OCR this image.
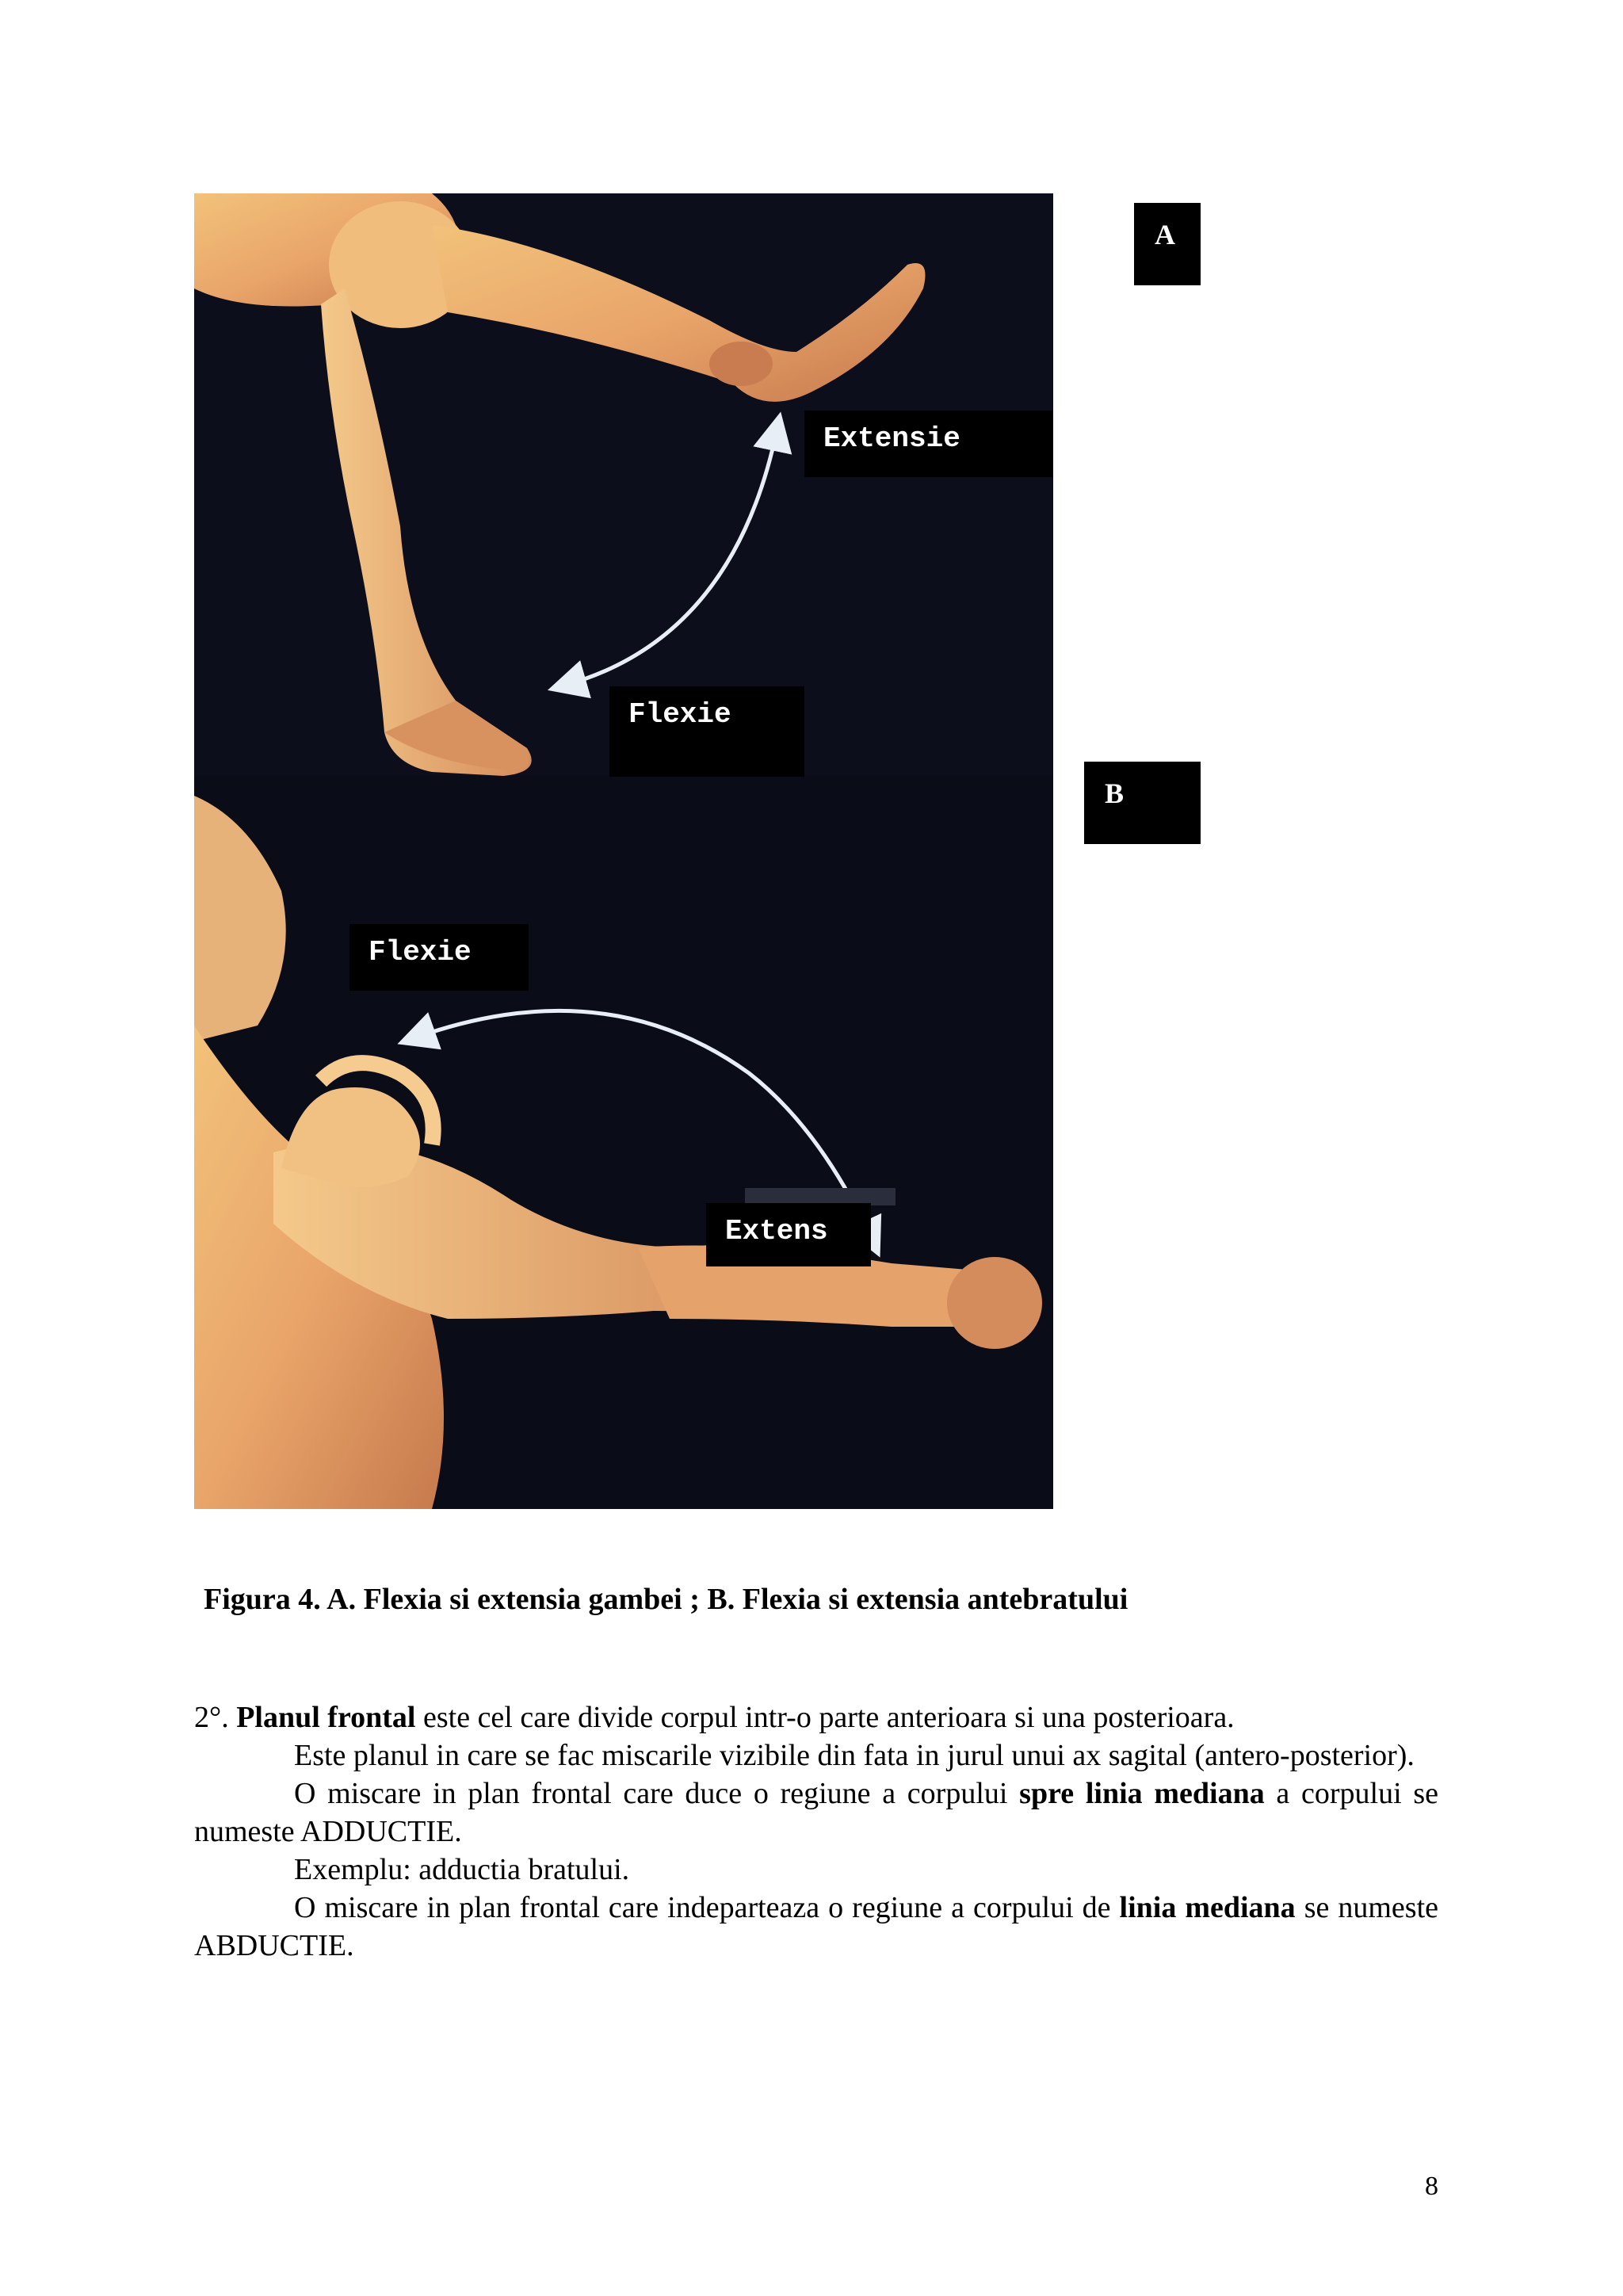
Extensie
Flexie
Flexie
Extens
A
B
Figura 4. A. Flexia si extensia gambei ; B. Flexia si extensia antebratului

2°. Planul frontal este cel care divide corpul intr-o parte anterioara si una posterioara.

Este planul in care se fac miscarile vizibile din fata in jurul unui ax sagital (antero-posterior).

O miscare in plan frontal care duce o regiune a corpului spre linia mediana a corpului se numeste ADDUCTIE.

Exemplu: adductia bratului.

O miscare in plan frontal care indeparteaza o regiune a corpului de linia mediana se numeste ABDUCTIE.

8
